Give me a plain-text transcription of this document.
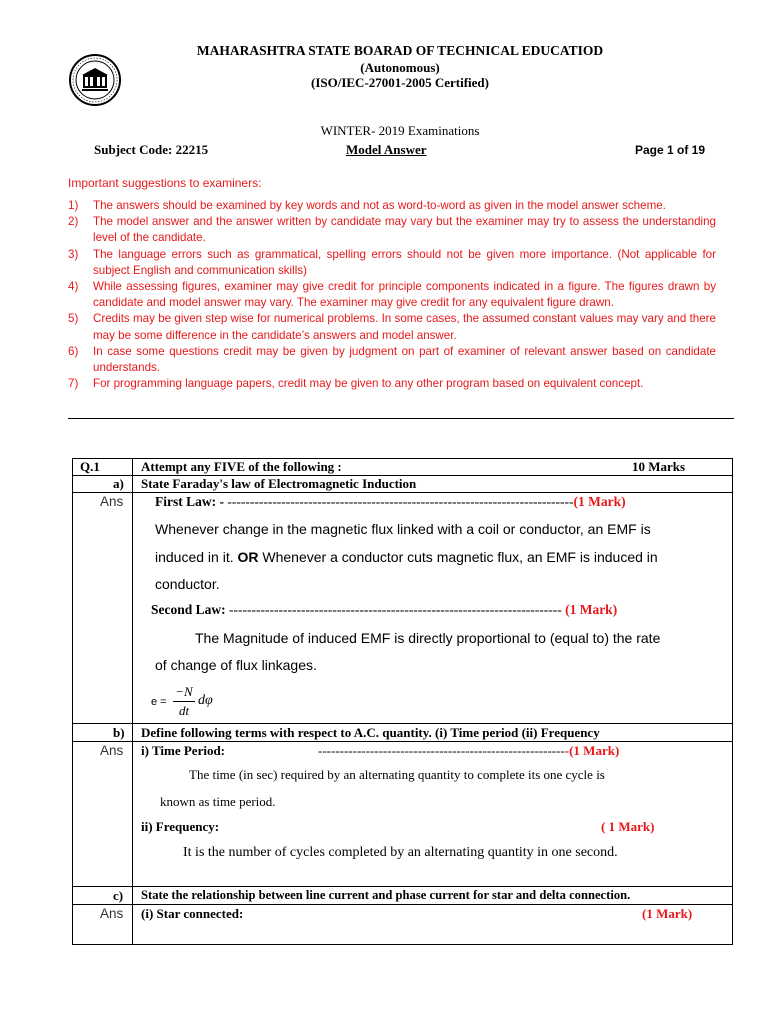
MAHARASHTRA STATE BOARAD OF TECHNICAL EDUCATIOD
(Autonomous)
(ISO/IEC-27001-2005 Certified)
WINTER- 2019 Examinations
Subject Code: 22215	Model Answer	Page 1 of 19
Important suggestions to examiners:
1)	The answers should be examined by key words and not as word-to-word as given in the model answer scheme.
2)	The model answer and the answer written by candidate may vary but the examiner may try to assess the understanding level of the candidate.
3)	The language errors such as grammatical, spelling errors should not be given more importance. (Not applicable for subject English and communication skills)
4)	While assessing figures, examiner may give credit for principle components indicated in a figure. The figures drawn by candidate and model answer may vary. The examiner may give credit for any equivalent figure drawn.
5)	Credits may be given step wise for numerical problems. In some cases, the assumed constant values may vary and there may be some difference in the candidate’s answers and model answer.
6)	In case some questions credit may be given by judgment on part of examiner of relevant answer based on candidate understands.
7)	For programming language papers, credit may be given to any other program based on equivalent concept.
Q.1	Attempt any FIVE of the following :	10 Marks
a) State Faraday's law of Electromagnetic Induction
Ans First Law: - -----------------------------------------------------------------------------(1 Mark)
Whenever change in the magnetic flux linked with a coil or conductor, an EMF is
induced in it. OR Whenever a conductor cuts magnetic flux, an EMF is induced in
conductor.
Second Law: -------------------------------------------------------------------------- (1 Mark)
The Magnitude of induced EMF is directly proportional to (equal to) the rate
of change of flux linkages.
e =
−N
dt
dφ
b) Define following terms with respect to A.C. quantity. (i) Time period (ii) Frequency
Ans i) Time Period:	----------------------------------------------------------(1 Mark)
The time (in sec) required by an alternating quantity to complete its one cycle is
known as time period.
ii) Frequency:	( 1 Mark)
It is the number of cycles completed by an alternating quantity in one second.
c) State the relationship between line current and phase current for star and delta connection.
Ans (i) Star connected:	(1 Mark)
